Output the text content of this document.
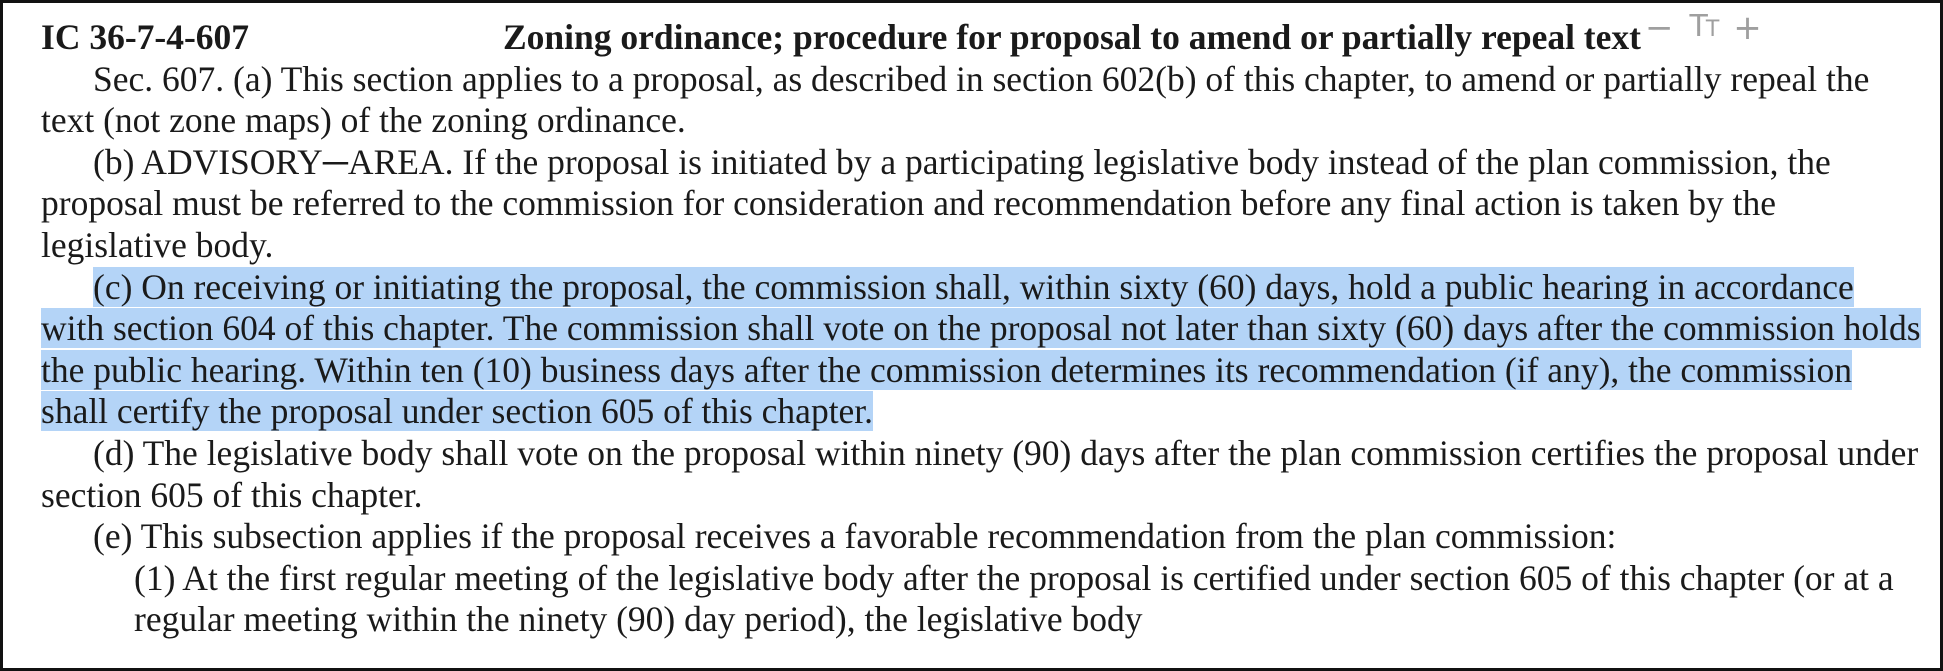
IC 36-7-4-607	Zoning ordinance; procedure for proposal to amend or partially repeal text

Sec. 607. (a) This section applies to a proposal, as described in section 602(b) of this chapter, to amend or partially repeal the text (not zone maps) of the zoning ordinance.

(b) ADVISORY─AREA. If the proposal is initiated by a participating legislative body instead of the plan commission, the proposal must be referred to the commission for consideration and recommendation before any final action is taken by the legislative body.

(c) On receiving or initiating the proposal, the commission shall, within sixty (60) days, hold a public hearing in accordance with section 604 of this chapter. The commission shall vote on the proposal not later than sixty (60) days after the commission holds the public hearing. Within ten (10) business days after the commission determines its recommendation (if any), the commission shall certify the proposal under section 605 of this chapter.

(d) The legislative body shall vote on the proposal within ninety (90) days after the plan commission certifies the proposal under section 605 of this chapter.

(e) This subsection applies if the proposal receives a favorable recommendation from the plan commission:

(1) At the first regular meeting of the legislative body after the proposal is certified under section 605 of this chapter (or at a regular meeting within the ninety (90) day period), the legislative body

− TT +
